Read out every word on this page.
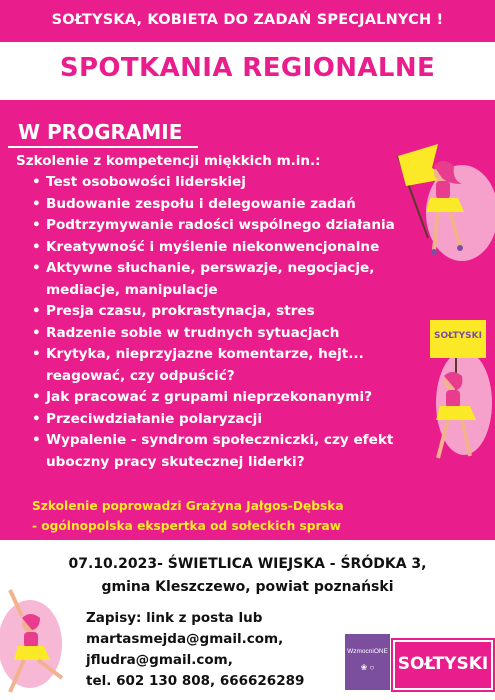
SOŁTYSKA, KOBIETA DO ZADAŃ SPECJALNYCH !
SPOTKANIA REGIONALNE
W PROGRAMIE
Szkolenie z kompetencji miękkich m.in.:
• Test osobowości liderskiej
• Budowanie zespołu i delegowanie zadań
• Podtrzymywanie radości wspólnego działania
• Kreatywność i myślenie niekonwencjonalne
• Aktywne słuchanie, perswazje, negocjacje,
mediacje, manipulacje
• Presja czasu, prokrastynacja, stres
• Radzenie sobie w trudnych sytuacjach
• Krytyka, nieprzyjazne komentarze, hejt...
reagować, czy odpuścić?
• Jak pracować z grupami nieprzekonanymi?
• Przeciwdziałanie polaryzacji
• Wypalenie - syndrom społeczniczki, czy efekt
uboczny pracy skutecznej liderki?
Szkolenie poprowadzi Grażyna Jałgos-Dębska
- ogólnopolska ekspertka od sołeckich spraw
SOŁTYSKI
07.10.2023- ŚWIETLICA WIEJSKA - ŚRÓDKA 3,
gmina Kleszczewo, powiat poznański
Zapisy: link z posta lub
martasmejda@gmail.com,
jfludra@gmail.com,
tel. 602 130 808, 666626289
WzmocniONE
❀ ○	SOŁTYSKI
